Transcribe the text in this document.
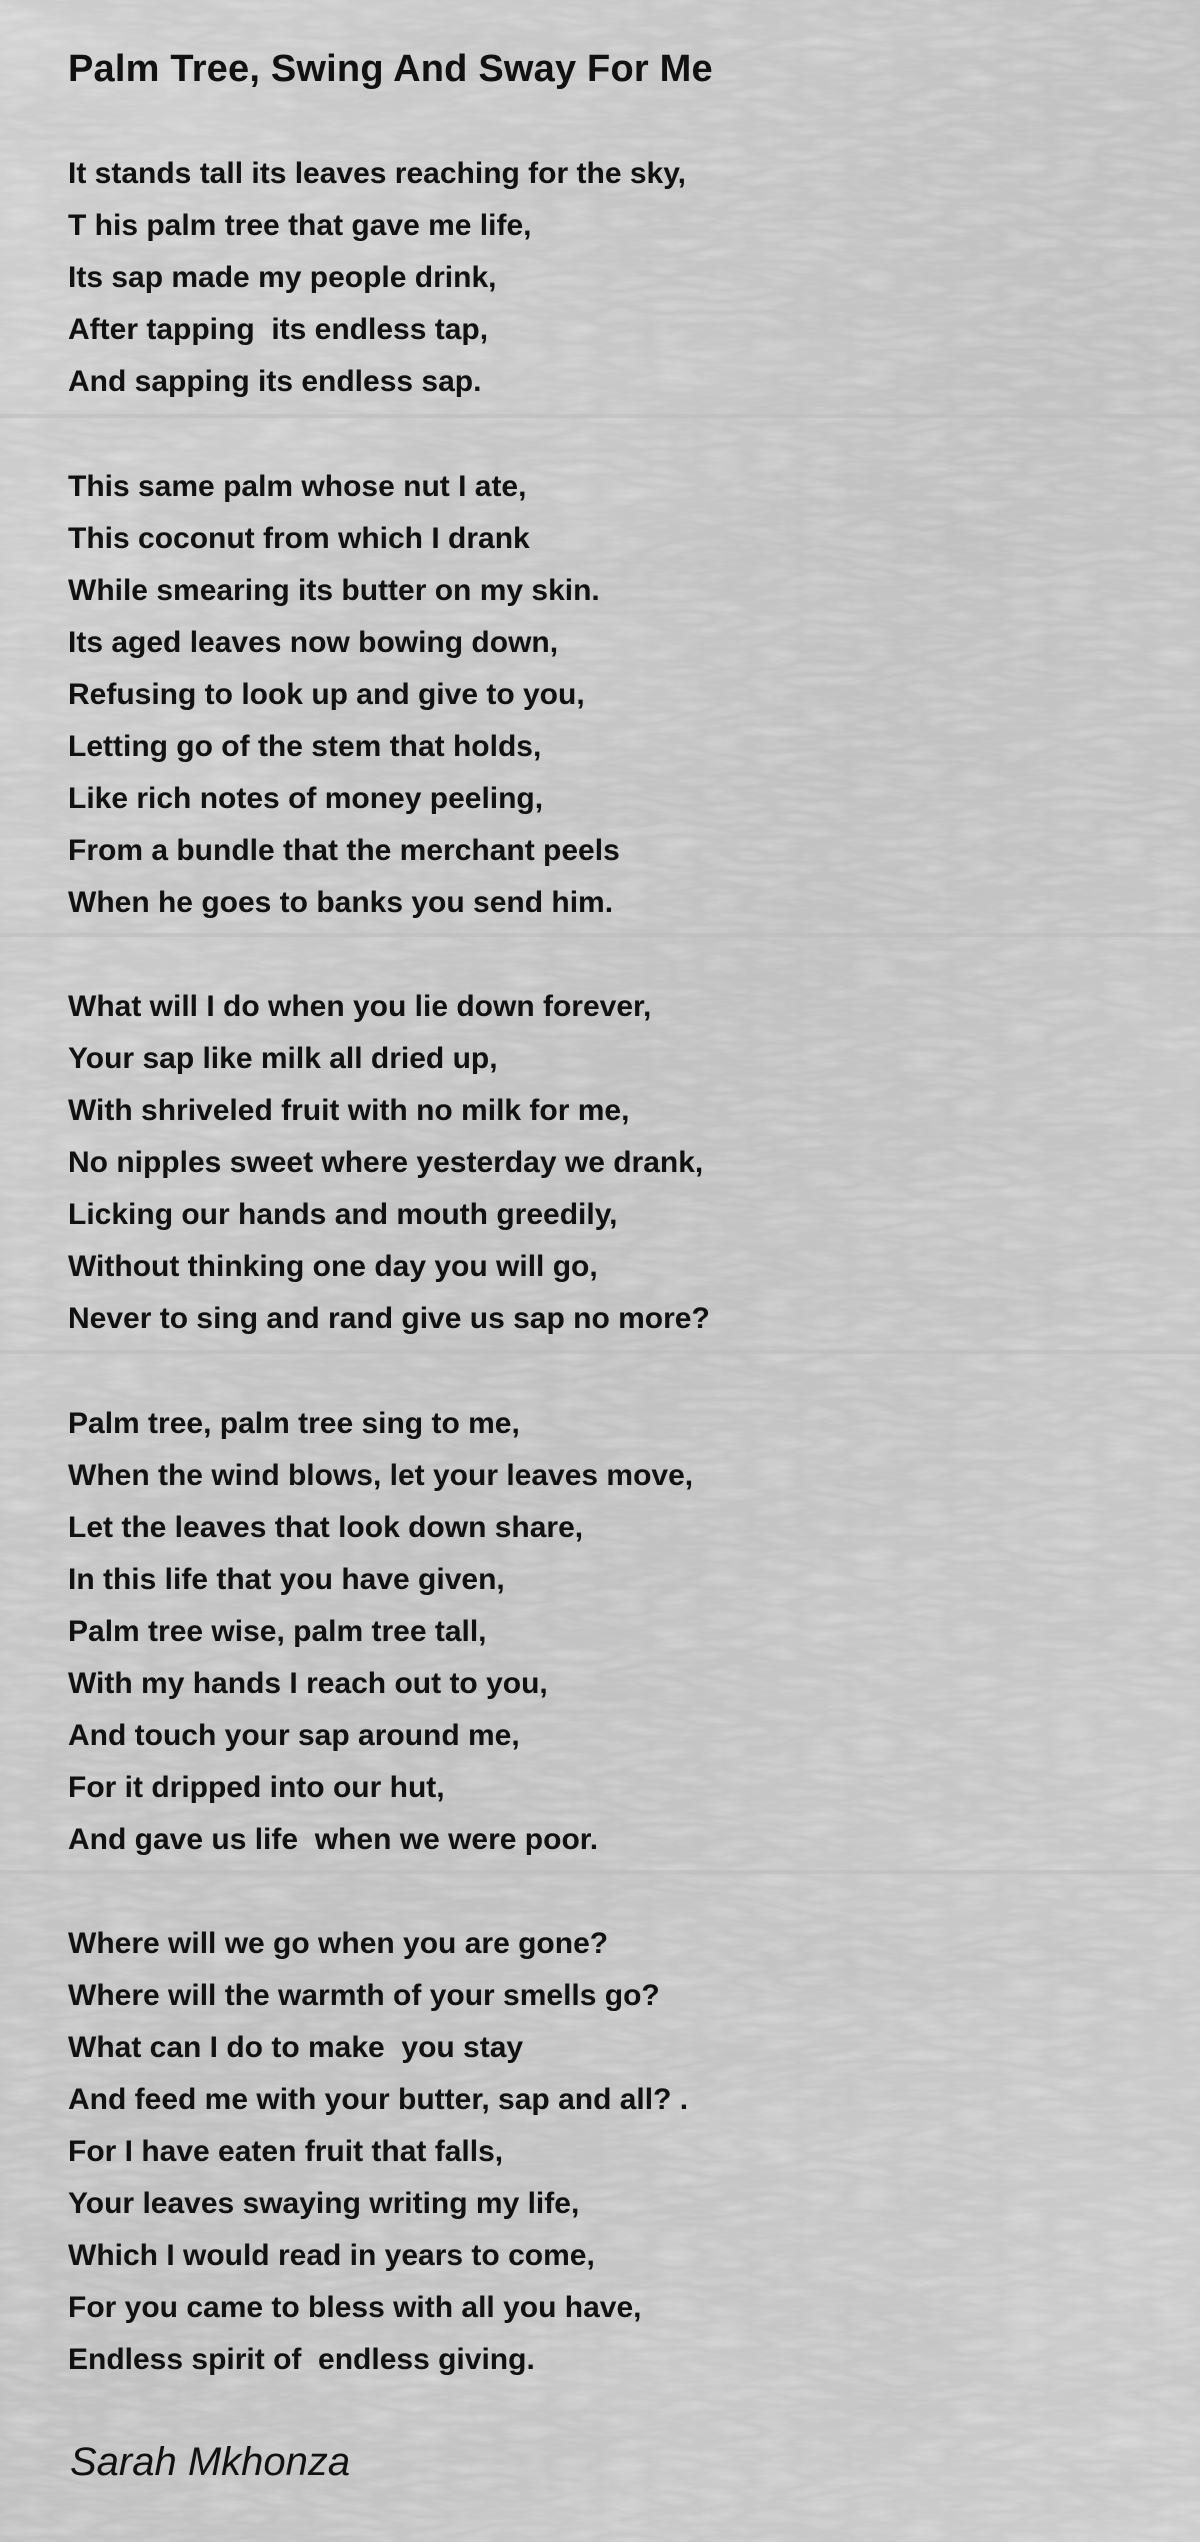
Palm Tree, Swing And Sway For Me
It stands tall its leaves reaching for the sky,
T his palm tree that gave me life,
Its sap made my people drink,
After tapping  its endless tap,
And sapping its endless sap.
This same palm whose nut I ate,
This coconut from which I drank
While smearing its butter on my skin.
Its aged leaves now bowing down,
Refusing to look up and give to you,
Letting go of the stem that holds,
Like rich notes of money peeling,
From a bundle that the merchant peels
When he goes to banks you send him.
What will I do when you lie down forever,
Your sap like milk all dried up,
With shriveled fruit with no milk for me,
No nipples sweet where yesterday we drank,
Licking our hands and mouth greedily,
Without thinking one day you will go,
Never to sing and rand give us sap no more?
Palm tree, palm tree sing to me,
When the wind blows, let your leaves move,
Let the leaves that look down share,
In this life that you have given,
Palm tree wise, palm tree tall,
With my hands I reach out to you,
And touch your sap around me,
For it dripped into our hut,
And gave us life  when we were poor.
Where will we go when you are gone?
Where will the warmth of your smells go?
What can I do to make  you stay
And feed me with your butter, sap and all? .
For I have eaten fruit that falls,
Your leaves swaying writing my life,
Which I would read in years to come,
For you came to bless with all you have,
Endless spirit of  endless giving.
Sarah Mkhonza
